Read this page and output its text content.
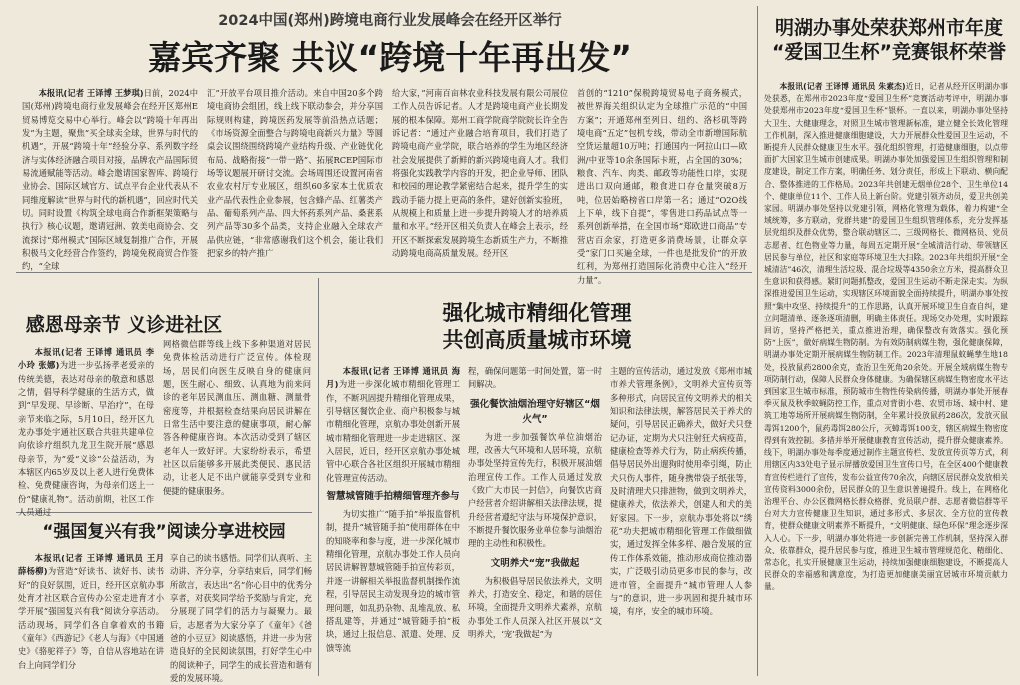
2024中国(郑州)跨境电商行业发展峰会在经开区举行
嘉宾齐聚 共议“跨境十年再出发”

本报讯(记者 王译博 王梦琪)日前，2024中国(郑州)跨境电商行业发展峰会在经开区郑州E贸易博览交易中心举行。峰会以“跨境十年再出发”为主题，聚焦“买全球卖全球，世界与时代的机遇”，开展“跨境十年”经验分享、系列数字经济与实体经济融合项目对接，品牌农产品国际贸易流通赋能等活动。峰会邀请国家智库、跨境行业协会、国际区域官方、试点平台企业代表从不同维度解读“世界与时代的新机遇”，回应时代关切。同时设置《构筑全球电商合作新框架策略与执行》核心议题，邀请冠洲、敦美电商协会、交流探讨“郑州模式”国际区域复制推广合作，开展积极马文化经营合作签约，跨境免税商贸合作签约，“全球

汇”开放平台项目推介活动。来自中国20多个跨境电商协会组团，线上线下联动参会，并分享国际规则构建，跨境医药发展等前沿热点话题；《市场资源全面整合与跨境电商新兴力量》等圆桌会议围绕围绕跨境产业结构升级、产业链优化布局、战略衔接“一带一路”、拓展RCEP国际市场等议题展开研讨交流。会场周围还设置河南省农业农村厅专业展区，组织60多家本土优质农业产品代表性企业参展，包含蜂产品、红薯类产品、葡萄系列产品、四大怀药系列产品、桑葚系列产品等30多个品类，支持企业融入全球农产品供应链，“非常感谢我们这个机会，能让我们把家乡的特产推广

给大家，”河南百亩林农业科技发展有限公司展位工作人员告诉记者。人才是跨境电商产业长期发展的根本保障。郑州工商学院商学院院长许全告诉记者：“通过产业融合培育项目，我们打造了跨境电商产业学院，联合培养的学生为地区经济社会发展提供了新鲜的新兴跨境电商人才。我们将强化实践教学内容的开发，把企业导师、团队和校园的理论教学紧密结合起来，提升学生的实践动手能力提上更高的条件，建好创新实验班，从规模上和质量上进一步提升跨境人才的培养质量和水平。”经开区相关负责人在峰会上表示，经开区不断探索发展跨境生态新质生产力，不断推动跨境电商高质量发展。经开区

首创的“1210”保税跨境贸易电子商务模式，被世界海关组织认定为全球推广示范的“中国方案”；开通郑州至列日、纽约、洛杉矶等跨境电商“五定”包机专线，带动全市新增国际航空货运量超10万吨；打通国内一阿拉山口—欧洲/中亚等10余条国际卡班，占全国的30%；粮食、汽车、肉类、邮政等功能性口岸，实现进出口双向通邮，粮食进口存仓量突破8万吨，位居始略榜省口岸第一名；通过“O2O线上下单，线下自提”，零售进口药品试点等一系列创新举措，在全国市场“郑欧进口商品”专营店百余家，打造更多消费场景，让群众享受“家门口买遍全球，一件也是批发价”的开放红利，为郑州打造国际化消费中心注入“经开力量”。

明湖办事处荣获郑州市年度
“爱国卫生杯”竞赛银杯荣誉

本报讯(记者 王译博 通讯员 朱素杰)近日，记者从经开区明湖办事处获悉，在郑州市2023年度“爱国卫生杯”竞赛活动考评中，明湖办事处获郑州市2023年度“爱国卫生杯”银杯。一直以来，明湖办事处坚持大卫生、大健康理念，对照卫生城市管理新标准，建立健全长效化管理工作机制，深入推进健康细胞建设，大力开展群众性爱国卫生运动，不断提升人民群众健康卫生水平。强化组织管理，打造健康细胞，以点带面扩大国家卫生城市创建成果。明湖办事处加强爱国卫生组织管理和制度建设，制定工作方案，明确任务、划分责任，形成上下联动、横向配合、整体推进的工作格局。2023年共创建无烟单位28个、卫生单位14个、健康单位11个、工作人员上新台阶。党建引领齐动员，爱卫共创美家园。明湖办事处坚持以党建引领，网格化管理为载体，着力构建“全域统筹，多方联动，党群共建”的爱国卫生组织管理体系，充分发挥基层党组织及群众优势，整合联动辖区二、三级网格长、微网格员、党员志愿者、红色物业等力量，每周五定期开展“全城清洁行动、带领辖区居民参与单位，社区和家庭等环境卫生大扫除。2023年共组织开展“全城清洁”46次，清理生活垃圾、混合垃圾等4350余立方米，提高群众卫生意识和获得感。紧盯问题抓整改，爱国卫生运动不断走深走实。为纵深推进爱国卫生运动，实现辖区环境面貌全面持续提升，明湖办事处按照“集中攻坚、持续提升”的工作思路，认真开展环境卫生自查自纠，建立问题清单、逐条逐项清删，明确主体责任。现场交办处理，实时跟踪回访，坚持严格把关，重点推进治理，确保整改有效落实。强化预防“上医”，做好病媒生物防制。为有效防制病媒生物，强化健康保障，明湖办事处定期开展病媒生物防制工作。2023年清理鼠蚊蝇孳生地18处，投放鼠药2800余克，查治卫生死角20余处。开展全域病媒生物专项防制行动，保障人民群众身体健康。为确保辖区病媒生物密度水平达到国家卫生城市标准，预防城市生物性传染病传播，明湖办事处开展春季灭鼠及秋季蚊蝇防控工作，重点对背街小巷、农贸市场、城中村、建筑工地等场所开展病媒生物防制，全年累计投放鼠药286次，发放灭鼠毒饵1200个，鼠药毒饵280公斤，灭蟑毒饵100支，辖区病媒生物密度得到有效控制。多措并举开展健康教育宣传活动，提升群众健康素养。线下，明湖办事处每季度通过制作主题宣传栏、发放宣传页等方式，利用辖区内33处电子显示屏播放爱国卫生宣传口号，在全区400个健康教育宣传栏进行了宣传，发布公益宣传70余次，向辖区居民群众发放相关宣传资料3000余份，居民群众的卫生意识普遍提升。线上，在网格化治理平台、办公区微网格长群众格群、党员联户群、志愿者微信群等平台对大力宣传健康卫生知识，通过多形式、多层次、全方位的宣传教育，使群众健康文明素养不断提升，“文明健康、绿色环保”理念逐步深入人心。下一步，明湖办事处将进一步创新完善工作机制，坚持深入群众、依靠群众，提升居民参与度，推进卫生城市管理规范化、精细化、常态化，扎实开展健康卫生运动，持续加强健康细胞建设，不断提高人民群众的幸福感和满意度，为打造更加健康美丽宜居城市环境贡献力量。

感恩母亲节 义诊进社区

本报讯(记者 王译博 通讯员 李小玲 张娜)为进一步弘扬孝老爱亲的传统美德，表达对母亲的敬意和感恩之情，倡导科学健康的生活方式，做到“早发现、早诊断、早治疗”，在母亲节来临之际，5月10日，经开区九龙办事处宇通社区联合共驻共建单位向依诊疗组织九龙卫生院开展“感恩母亲节，为”爱“义诊”公益活动，为本辖区内65岁及以上老人进行免费体检、免费健康咨询，为母亲们送上一份“健康礼物”。活动前期，社区工作人员通过

网格微信群等线上线下多种渠道对居民免费体检活动进行广泛宣传。体检现场，居民们向医生反映自身的健康问题，医生耐心、细致、认真地为前来问诊的老年居民测血压、测血糖、测量骨密度等，并根据检查结果向居民讲解在日常生活中要注意的健康事项，耐心解答各种健康咨询。本次活动受到了辖区老年人一致好评。大家纷纷表示，希望社区以后能够多开展此类便民、惠民活动，让老人足不出户就能享受到专业和便捷的健康服务。

“强国复兴有我”阅读分享进校园

本报讯(记者 王译博 通讯员 王月 薛杨柳)为营造“好读书、读好书、读书好”的良好氛围，近日，经开区京航办事处育才社区联合宣传办公室走进育才小学开展“强国复兴有我”阅读分享活动。活动现场，同学们各自拿着欢的书籍《童年》《西游记》《老人与海》《中国通史》《骆驼祥子》等，自信从容地站在讲台上向同学们分

享自己的读书感悟。同学们认真听、主动讲、齐分享，分享结束后，同学们畅所欲言，表达出“名”你心目中的优秀分享者，对获奖同学给予奖励与肯定，充分展现了同学们的活力与凝聚力。最后，志愿者为大家分享了《童年》《爸爸的小豆豆》阅读感悟，并进一步为营造良好的全民阅读氛围，打好学生心中的阅读种子，同学生的成长营造和谐有爱的发展环境。

强化城市精细化管理
共创高质量城市环境

本报讯(记者 王译博 通讯员 海月)为进一步深化城市精细化管理工作，不断巩固提升精细化管理成果，引导辖区餐饮企业、商户积极参与城市精细化管理，京航办事处创新开展城市精细化管理进一步走进辖区、深入居民，近日，经开区京航办事处城管中心联合各社区组织开展城市精细化管理宣传活动。

智慧城管随手拍精细管理齐参与

为切实推广“随手拍”举报监督机制，提升“城管随手拍”使用群体在中的知晓率和参与度，进一步深化城市精细化管理，京航办事处工作人员向居民讲解智慧城管随手拍宣传彩页，并逐一讲解相关举报监督机制操作流程，引导居民主动发现身边的城市管理问题，如乱扔杂物、乱堆乱放、私搭乱建等，并通过“城管随手拍”板块，通过上报信息、派遣、处理、反馈等流

程，确保问题第一时间处置，第一时间解决。

强化餐饮油烟治理守好辖区“烟火气”

为进一步加强餐饮单位油烟治理，改善大气环境和人居环境，京航办事处坚持宣传先行，积极开展油烟治理宣传工作。工作人员通过发放《致广大市民一封信》，向餐饮店商户经营者介绍讲解相关法律法规，提升经营者遵纪守法与环境保护意识，不断提升餐饮服务业单位参与油烟治理的主动性和积极性。

文明养犬“宠”我做起

为积极倡导居民依法养犬，文明养犬，打造安全、稳定，和谐的居住环境，全面提升文明养犬素养，京航办事处工作人员深入社区开展以“文明养犬，‘宠’我做起”为

主题的宣传活动，通过发放《郑州市城市养犬管理条例》，文明养犬宣传页等多种形式，向居民宣传文明养犬的相关知识和法律法规，解答居民关于养犬的疑问，引导居民正确养犬，做好犬只登记办证，定期为犬只注射狂犬病疫苗，健康检查等养犬行为，防止病疾传播，倡导居民外出遛狗时使用牵引绳，防止犬只伤人事件，随身携带袋子纸张等，及时清理犬只排泄物，做到文明养犬，健康养犬，依法养犬，创建人和犬的美好家园。下一步，京航办事处将以“绣花”功夫把城市精细化管理工作做细做实，通过发挥全体多样、融合发展的宣传工作体系效能，推动形成商位推动器实，广泛吸引动员更多市民的参与，改进市管，全面提升“城市管理人人参与”的意识，进一步巩固和提升城市环境，有序，安全的城市环境。
